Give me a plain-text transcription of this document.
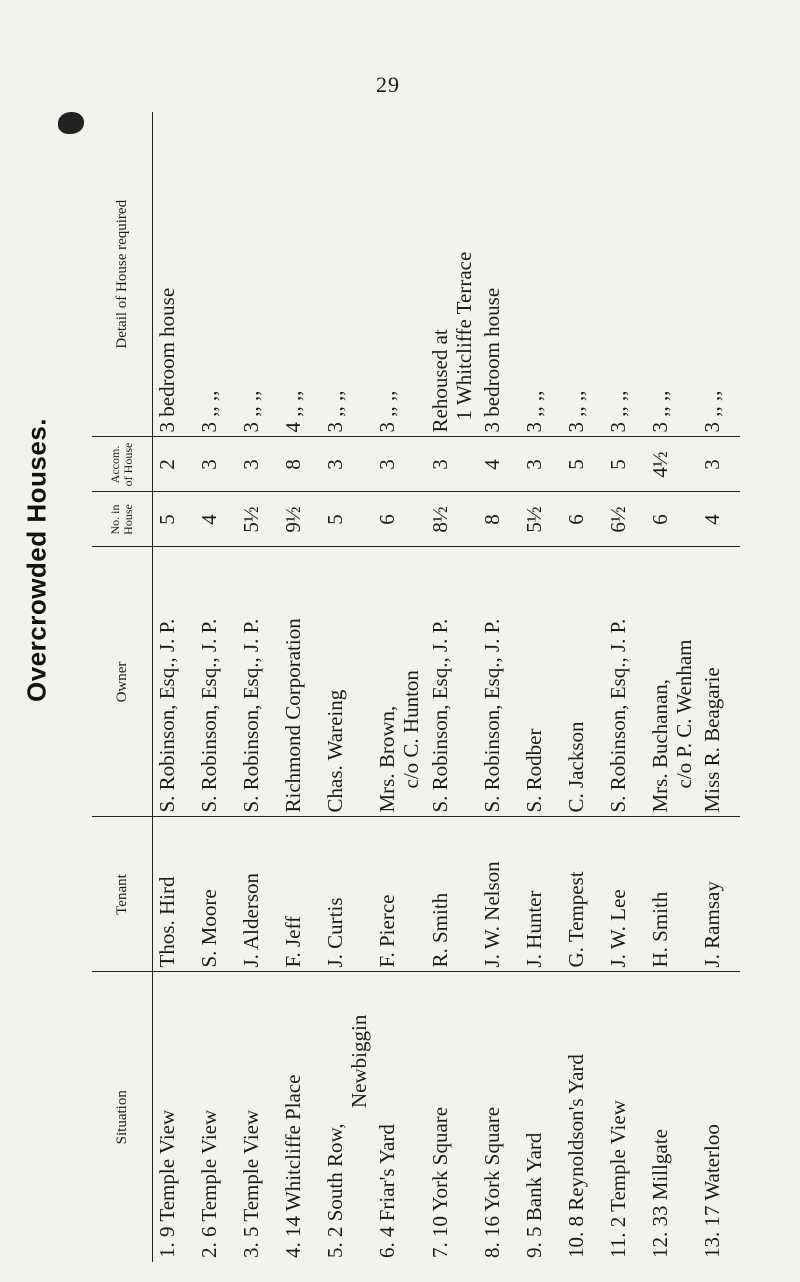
29
Overcrowded Houses.
Situation	Tenant	Owner	No. in House	Accom. of House	Detail of House required
1. 9 Temple View	Thos. Hird	S. Robinson, Esq., J. P.	5	2	3 bedroom house
2. 6 Temple View	S. Moore	S. Robinson, Esq., J. P.	4	3	3 ,, ,,
3. 5 Temple View	J. Alderson	S. Robinson, Esq., J. P.	5½	3	3 ,, ,,
4. 14 Whitcliffe Place	F. Jeff	Richmond Corporation	9½	8	4 ,, ,,
5. 2 South Row,
Newbiggin	J. Curtis	Chas. Wareing	5	3	3 ,, ,,
6. 4 Friar's Yard	F. Pierce	Mrs. Brown,
c/o C. Hunton	6	3	3 ,, ,,
7. 10 York Square	R. Smith	S. Robinson, Esq., J. P.	8½	3	Rehoused at
1 Whitcliffe Terrace
8. 16 York Square	J. W. Nelson	S. Robinson, Esq., J. P.	8	4	3 bedroom house
9. 5 Bank Yard	J. Hunter	S. Rodber	5½	3	3 ,, ,,
10. 8 Reynoldson's Yard	G. Tempest	C. Jackson	6	5	3 ,, ,,
11. 2 Temple View	J. W. Lee	S. Robinson, Esq., J. P.	6½	5	3 ,, ,,
12. 33 Millgate	H. Smith	Mrs. Buchanan,
c/o P. C. Wenham	6	4½	3 ,, ,,
13. 17 Waterloo	J. Ramsay	Miss R. Beagarie	4	3	3 ,, ,,
